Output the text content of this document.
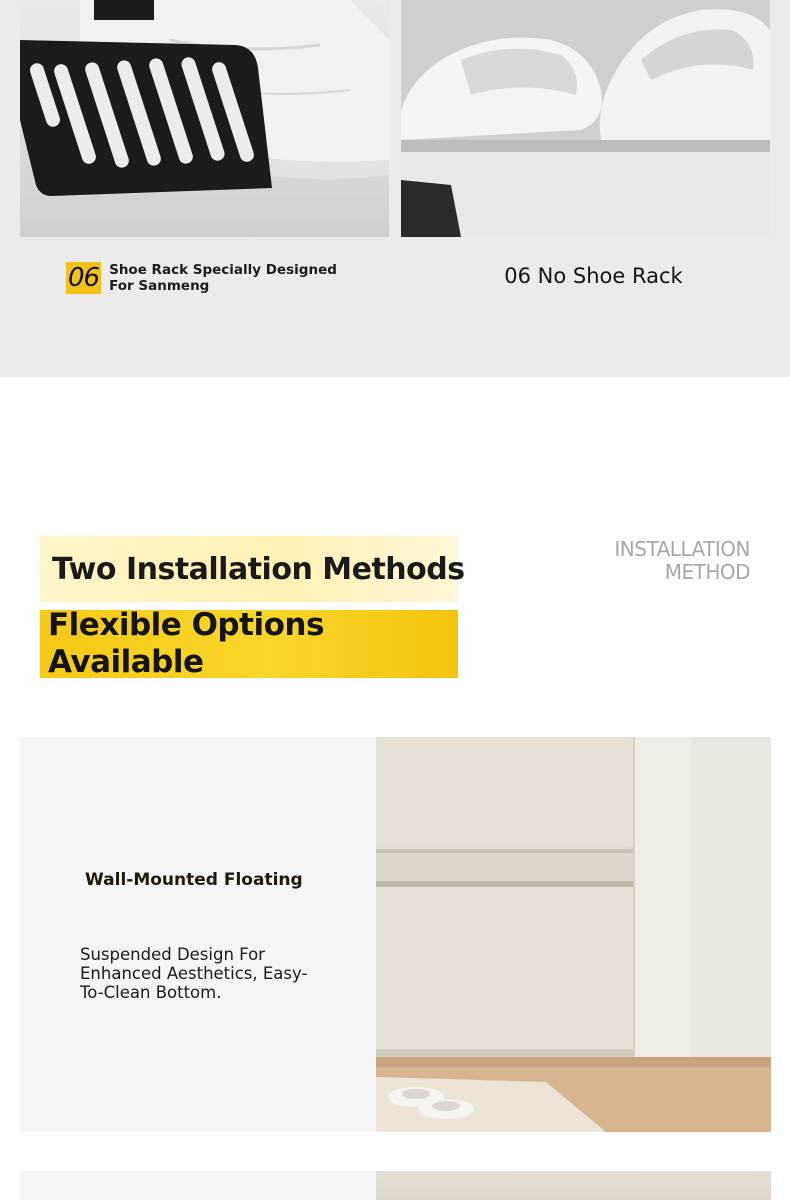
06 Shoe Rack Specially Designed For Sanmeng	06 No Shoe Rack
Two Installation Methods
Flexible Options Available
INSTALLATION METHOD
Wall-Mounted Floating

Suspended Design For Enhanced Aesthetics, Easy-To-Clean Bottom.
